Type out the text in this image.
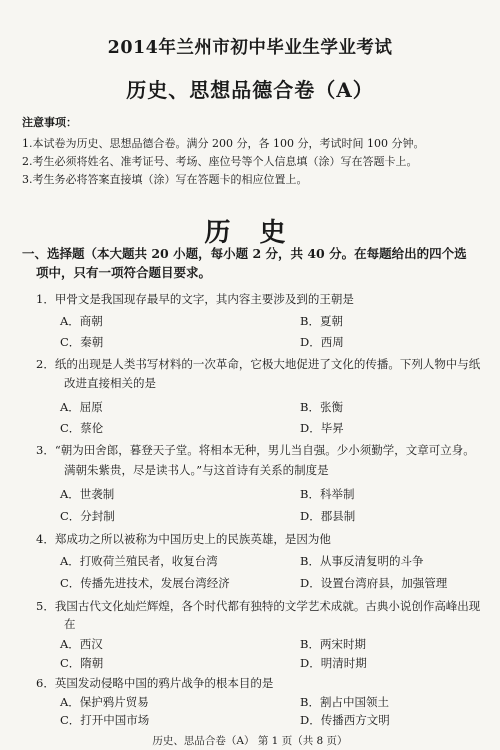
2014年兰州市初中毕业生学业考试
历史、思想品德合卷（A）
注意事项：
1.本试卷为历史、思想品德合卷。满分 200 分，各 100 分，考试时间 100 分钟。
2.考生必须将姓名、准考证号、考场、座位号等个人信息填（涂）写在答题卡上。
3.考生务必将答案直接填（涂）写在答题卡的相应位置上。
历 史
一、选择题（本大题共 20 小题，每小题 2 分，共 40 分。在每题给出的四个选
项中，只有一项符合题目要求。
1．甲骨文是我国现存最早的文字，其内容主要涉及到的王朝是
A．商朝	B．夏朝
C．秦朝	D．西周
2．纸的出现是人类书写材料的一次革命，它极大地促进了文化的传播。下列人物中与纸
改进直接相关的是
A．屈原	B．张衡
C．蔡伦	D．毕昇
3．“朝为田舍郎，暮登天子堂。将相本无种，男儿当自强。少小须勤学，文章可立身。
满朝朱紫贵，尽是读书人。”与这首诗有关系的制度是
A．世袭制	B．科举制
C．分封制	D．郡县制
4．郑成功之所以被称为中国历史上的民族英雄，是因为他
A．打败荷兰殖民者，收复台湾	B．从事反清复明的斗争
C．传播先进技术，发展台湾经济	D．设置台湾府县，加强管理
5．我国古代文化灿烂辉煌，各个时代都有独特的文学艺术成就。古典小说创作高峰出现
在
A．西汉	B．两宋时期
C．隋朝	D．明清时期
6．英国发动侵略中国的鸦片战争的根本目的是
历史、思品合卷（A） 第 1 页（共 8 页）
A．保护鸦片贸易	B．割占中国领土
C．打开中国市场	D．传播西方文明
